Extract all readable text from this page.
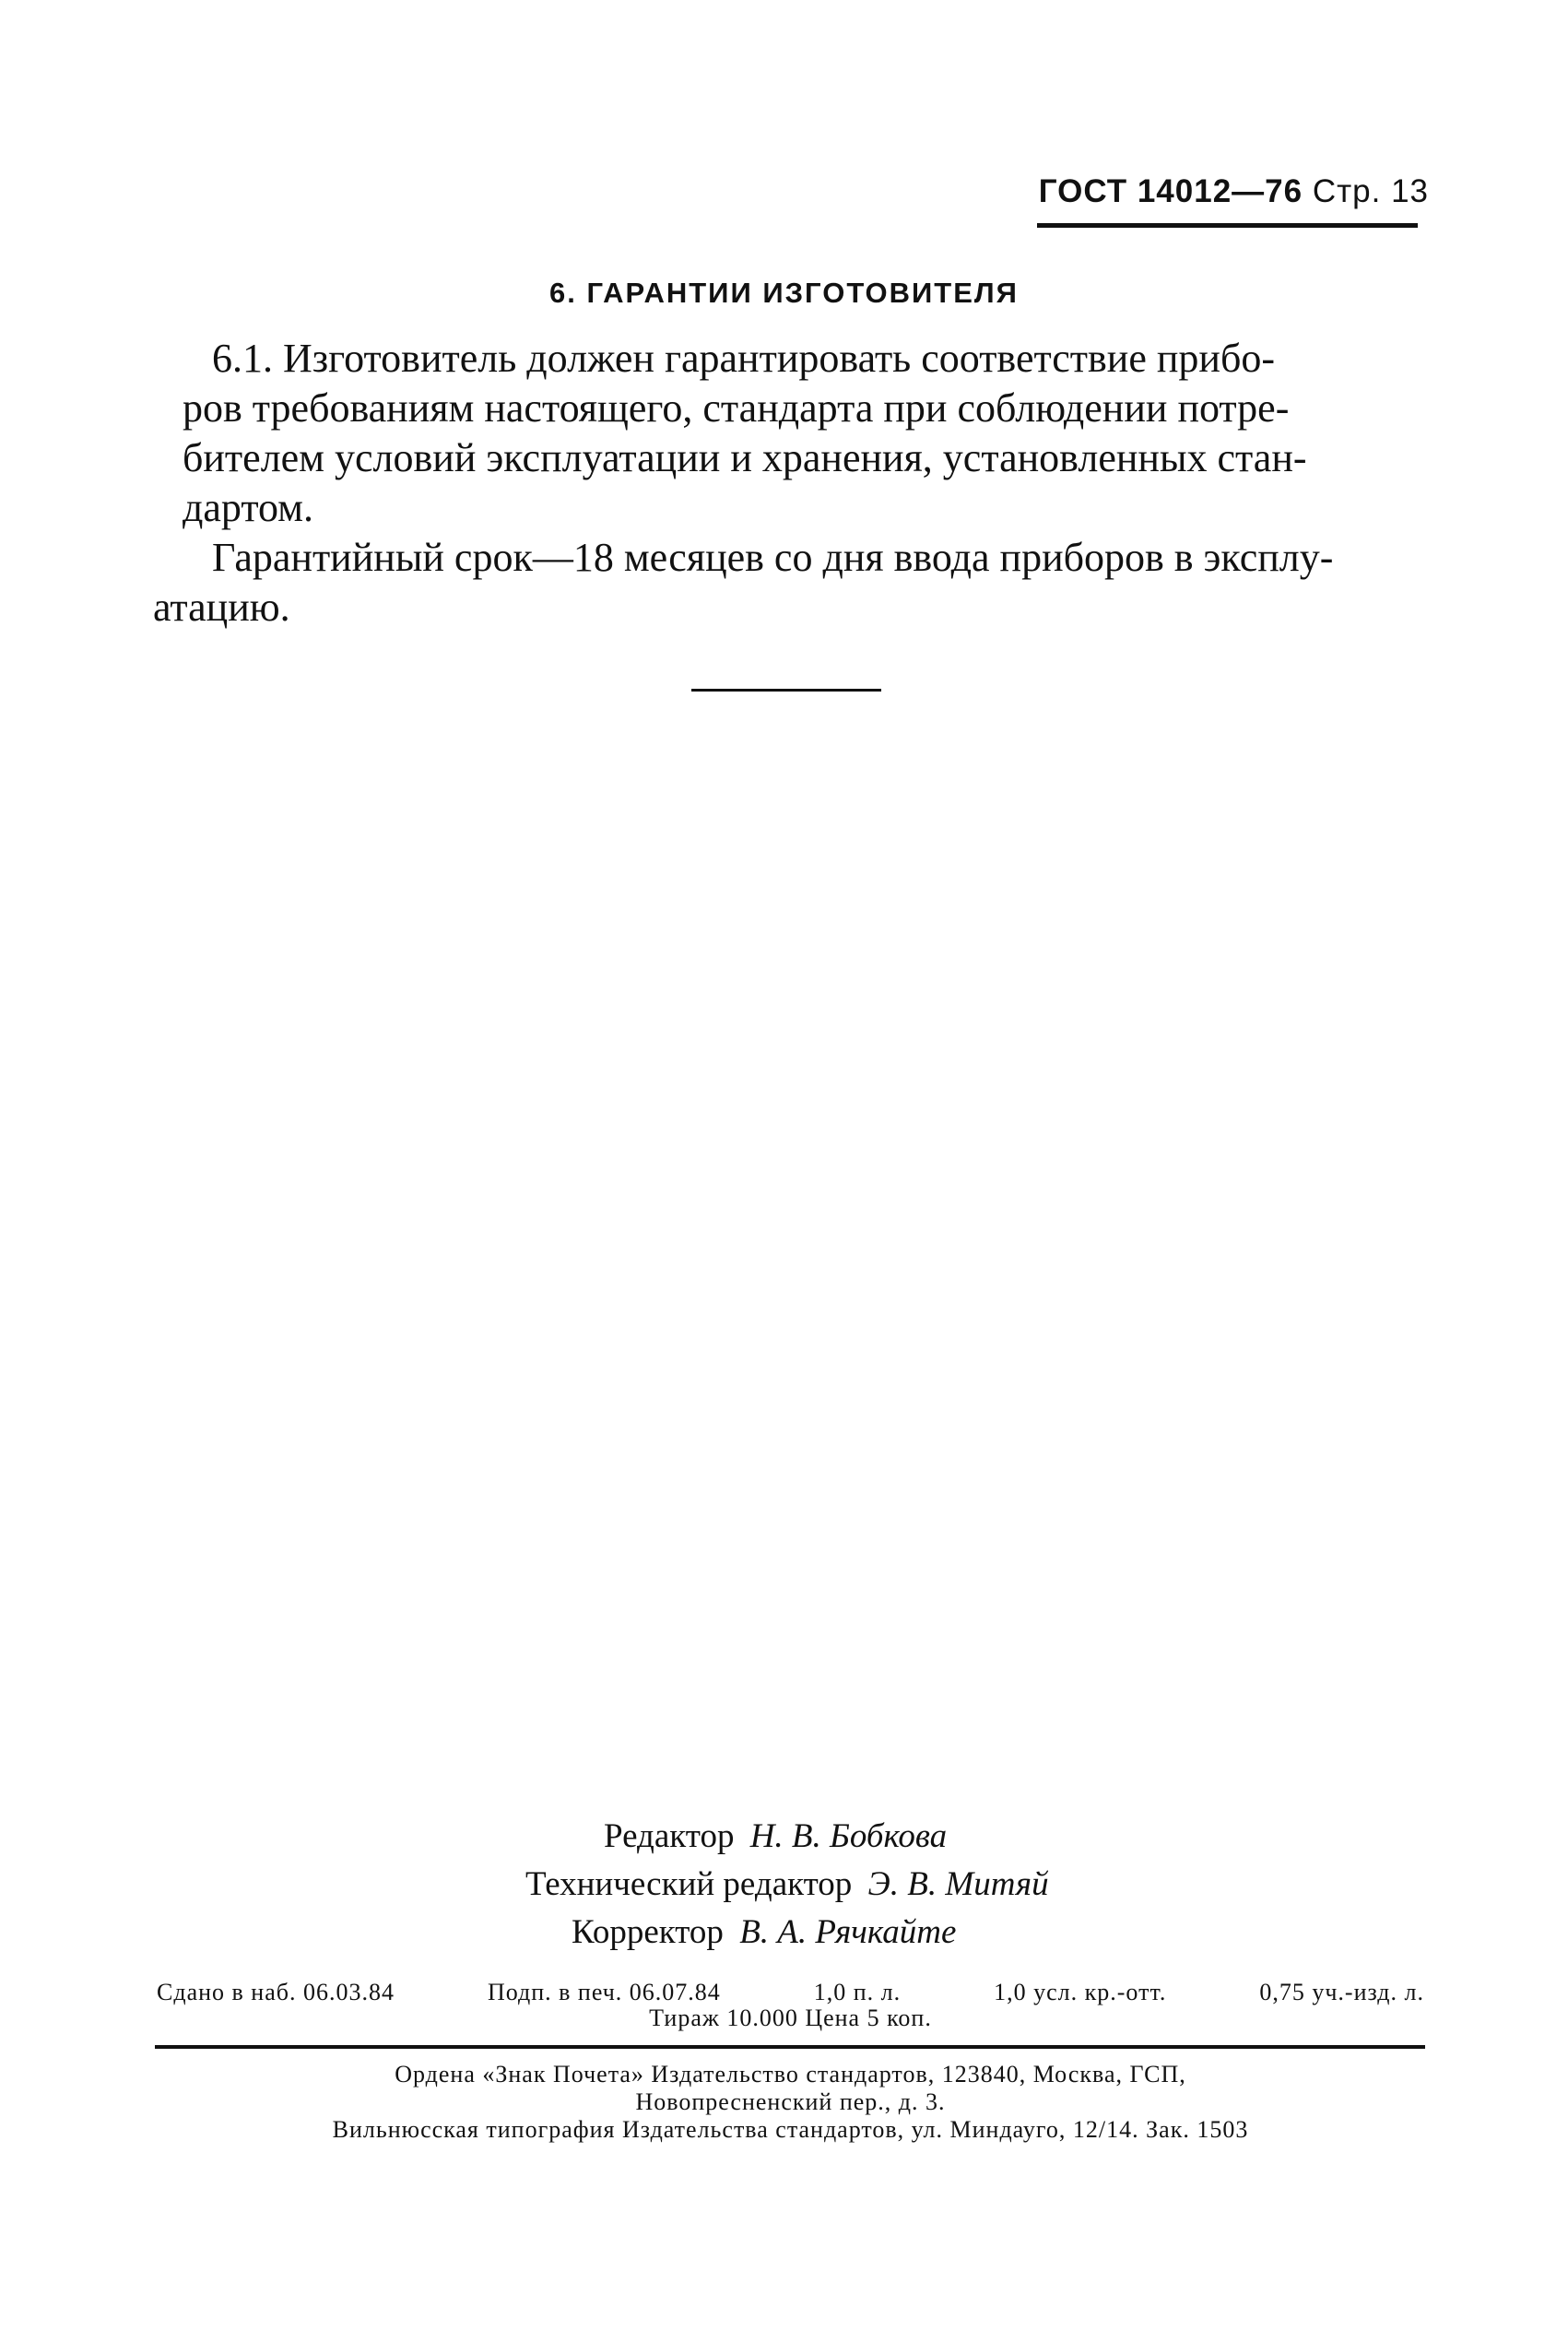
ГОСТ 14012—76 Стр. 13
6. ГАРАНТИИ ИЗГОТОВИТЕЛЯ

6.1. Изготовитель должен гарантировать соответствие прибо-
ров требованиям настоящего, стандарта при соблюдении потре-
бителем условий эксплуатации и хранения, установленных стан-
дартом.

Гарантийный срок—18 месяцев со дня ввода приборов в эксплу-
атацию.

Редактор Н. В. Бобкова
Технический редактор Э. В. Митяй
Корректор В. А. Рячкайте
Сдано в наб. 06.03.84	Подп. в печ. 06.07.84	1,0 п. л.	1,0 усл. кр.-отт.	0,75 уч.-изд. л.
Тираж 10.000 Цена 5 коп.
Ордена «Знак Почета» Издательство стандартов, 123840, Москва, ГСП,
Новопресненский пер., д. 3.
Вильнюсская типография Издательства стандартов, ул. Миндауго, 12/14. Зак. 1503
